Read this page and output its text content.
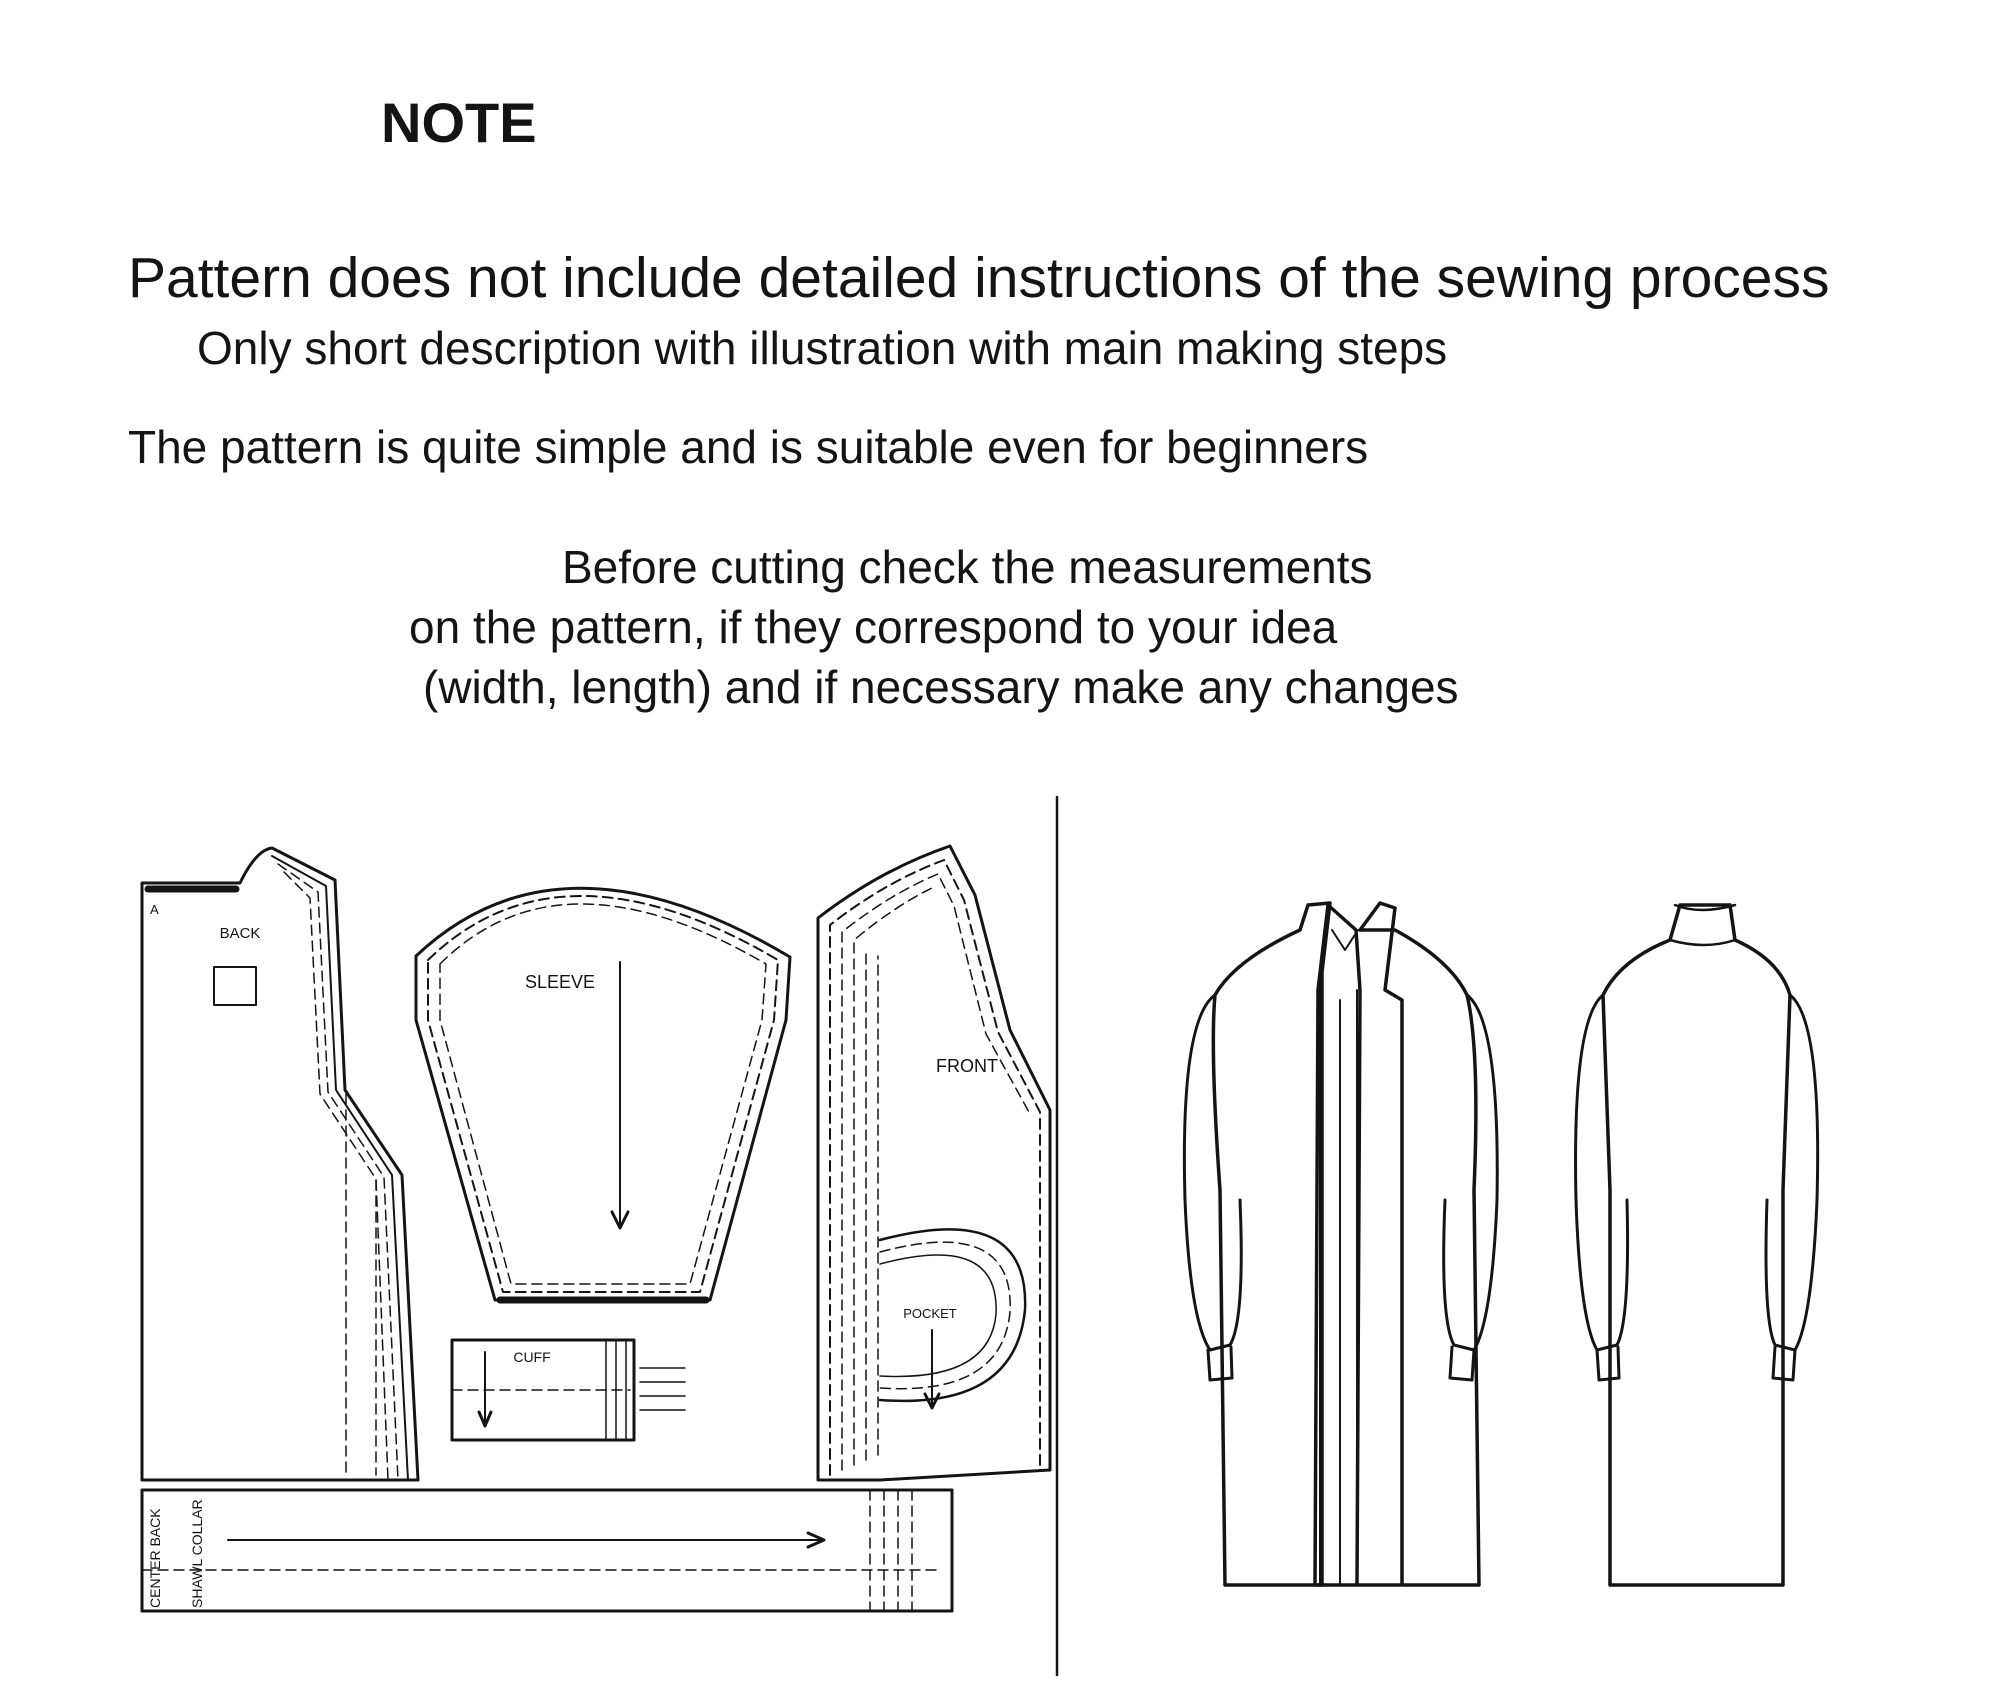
NOTE
Pattern does not include detailed instructions of the sewing process
Only short description with illustration with main making steps
The pattern is quite simple and is suitable even for beginners
Before cutting check the measurements
on the pattern, if they correspond to your idea
(width, length) and if necessary make any changes
A
BACK
SLEEVE
FRONT
POCKET
CUFF
CENTER BACK SHAWL COLLAR
